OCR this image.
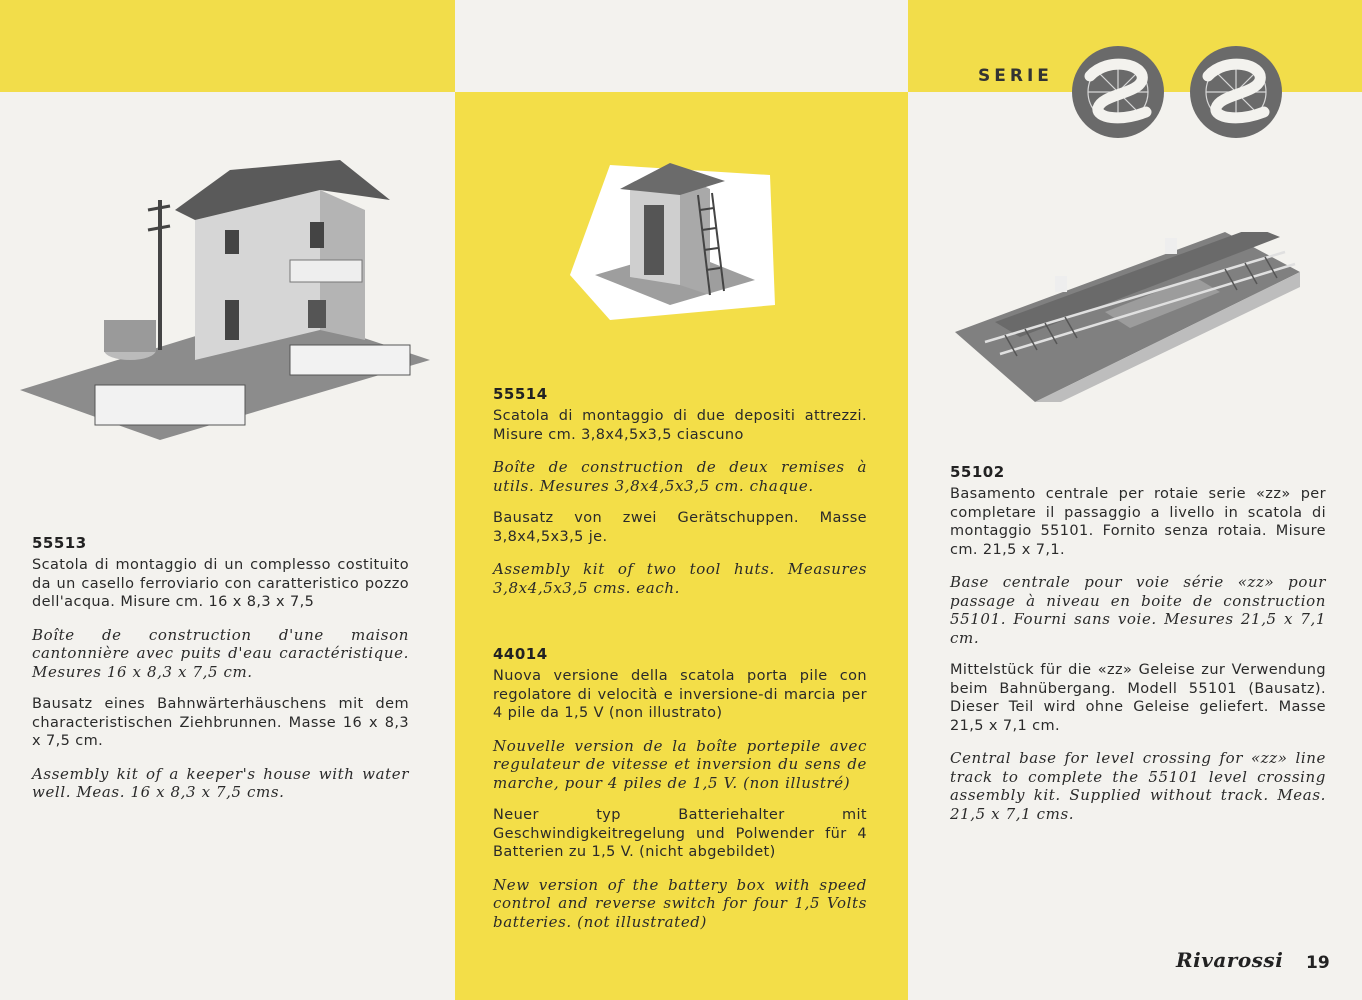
SERIE
55513

Scatola di montaggio di un complesso costituito da un casello ferroviario con caratteristico pozzo dell'acqua. Misure cm. 16 x 8,3 x 7,5

Boîte de construction d'une maison cantonnière avec puits d'eau caractéristique. Mesures 16 x 8,3 x 7,5 cm.

Bausatz eines Bahnwärterhäuschens mit dem characteristischen Ziehbrunnen. Masse 16 x 8,3 x 7,5 cm.

Assembly kit of a keeper's house with water well. Meas. 16 x 8,3 x 7,5 cms.

55514

Scatola di montaggio di due depositi attrezzi. Misure cm. 3,8x4,5x3,5 ciascuno

Boîte de construction de deux remises à utils. Mesures 3,8x4,5x3,5 cm. chaque.

Bausatz von zwei Gerätschuppen. Masse 3,8x4,5x3,5 je.

Assembly kit of two tool huts. Measures 3,8x4,5x3,5 cms. each.

44014

Nuova versione della scatola porta pile con regolatore di velocità e inversione-di marcia per 4 pile da 1,5 V (non illustrato)

Nouvelle version de la boîte portepile avec regulateur de vitesse et inversion du sens de marche, pour 4 piles de 1,5 V. (non illustré)

Neuer typ Batteriehalter mit Geschwindigkeitregelung und Polwender für 4 Batterien zu 1,5 V. (nicht abgebildet)

New version of the battery box with speed control and reverse switch for four 1,5 Volts batteries. (not illustrated)

55102

Basamento centrale per rotaie serie «zz» per completare il passaggio a livello in scatola di montaggio 55101. Fornito senza rotaia. Misure cm. 21,5 x 7,1.

Base centrale pour voie série «zz» pour passage à niveau en boite de construction 55101. Fourni sans voie. Mesures 21,5 x 7,1 cm.

Mittelstück für die «zz» Geleise zur Verwendung beim Bahnübergang. Modell 55101 (Bausatz). Dieser Teil wird ohne Geleise geliefert. Masse 21,5 x 7,1 cm.

Central base for level crossing for «zz» line track to complete the 55101 level crossing assembly kit. Supplied without track. Meas. 21,5 x 7,1 cms.

Rivarossi 19
